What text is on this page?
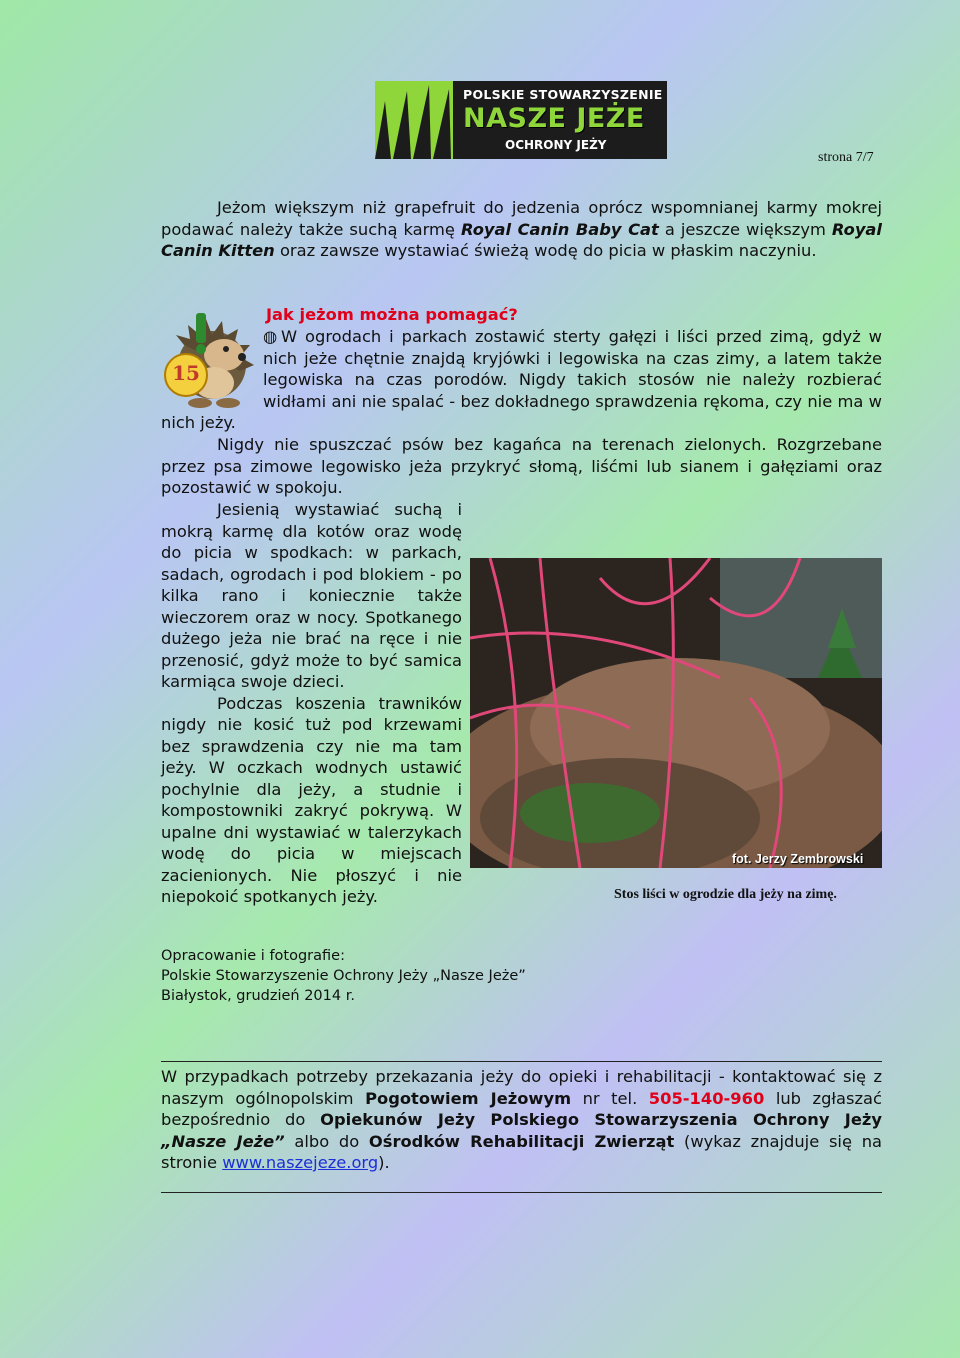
POLSKIE STOWARZYSZENIE
NASZE JEŻE
OCHRONY JEŻY
strona 7/7
Jeżom większym niż grapefruit do jedzenia oprócz wspomnianej karmy mokrej podawać należy także suchą karmę Royal Canin Baby Cat a jeszcze większym Royal Canin Kitten oraz zawsze wystawiać świeżą wodę do picia w płaskim naczyniu.
15
Jak jeżom można pomagać?
◍ W ogrodach i parkach zostawić sterty gałęzi i liści przed zimą, gdyż w nich jeże chętnie znajdą kryjówki i legowiska na czas zimy, a latem także legowiska na czas porodów. Nigdy takich stosów nie należy rozbierać widłami ani nie spalać - bez dokładnego sprawdzenia rękoma, czy nie ma w nich jeży.
Nigdy nie spuszczać psów bez kagańca na terenach zielonych. Rozgrzebane przez psa zimowe legowisko jeża przykryć słomą, liśćmi lub sianem i gałęziami oraz pozostawić w spokoju.
Jesienią wystawiać suchą i mokrą karmę dla kotów oraz wodę do picia w spodkach: w parkach, sadach, ogrodach i pod blokiem - po kilka rano i koniecznie także wieczorem oraz w nocy. Spotkanego dużego jeża nie brać na ręce i nie przenosić, gdyż może to być samica karmiąca swoje dzieci.
Podczas koszenia trawników nigdy nie kosić tuż pod krzewami bez sprawdzenia czy nie ma tam jeży. W oczkach wodnych ustawić pochylnie dla jeży, a studnie i kompostowniki zakryć pokrywą. W upalne dni wystawiać w talerzykach wodę do picia w miejscach zacienionych. Nie płoszyć i nie niepokoić spotkanych jeży.
fot. Jerzy Zembrowski
Stos liści w ogrodzie dla jeży na zimę.
Opracowanie i fotografie:
Polskie Stowarzyszenie Ochrony Jeży „Nasze Jeże”
Białystok, grudzień 2014 r.
W przypadkach potrzeby przekazania jeży do opieki i rehabilitacji - kontaktować się z naszym ogólnopolskim Pogotowiem Jeżowym nr tel. 505-140-960 lub zgłaszać bezpośrednio do Opiekunów Jeży Polskiego Stowarzyszenia Ochrony Jeży „Nasze Jeże” albo do Ośrodków Rehabilitacji Zwierząt (wykaz znajduje się na stronie www.naszejeze.org).
